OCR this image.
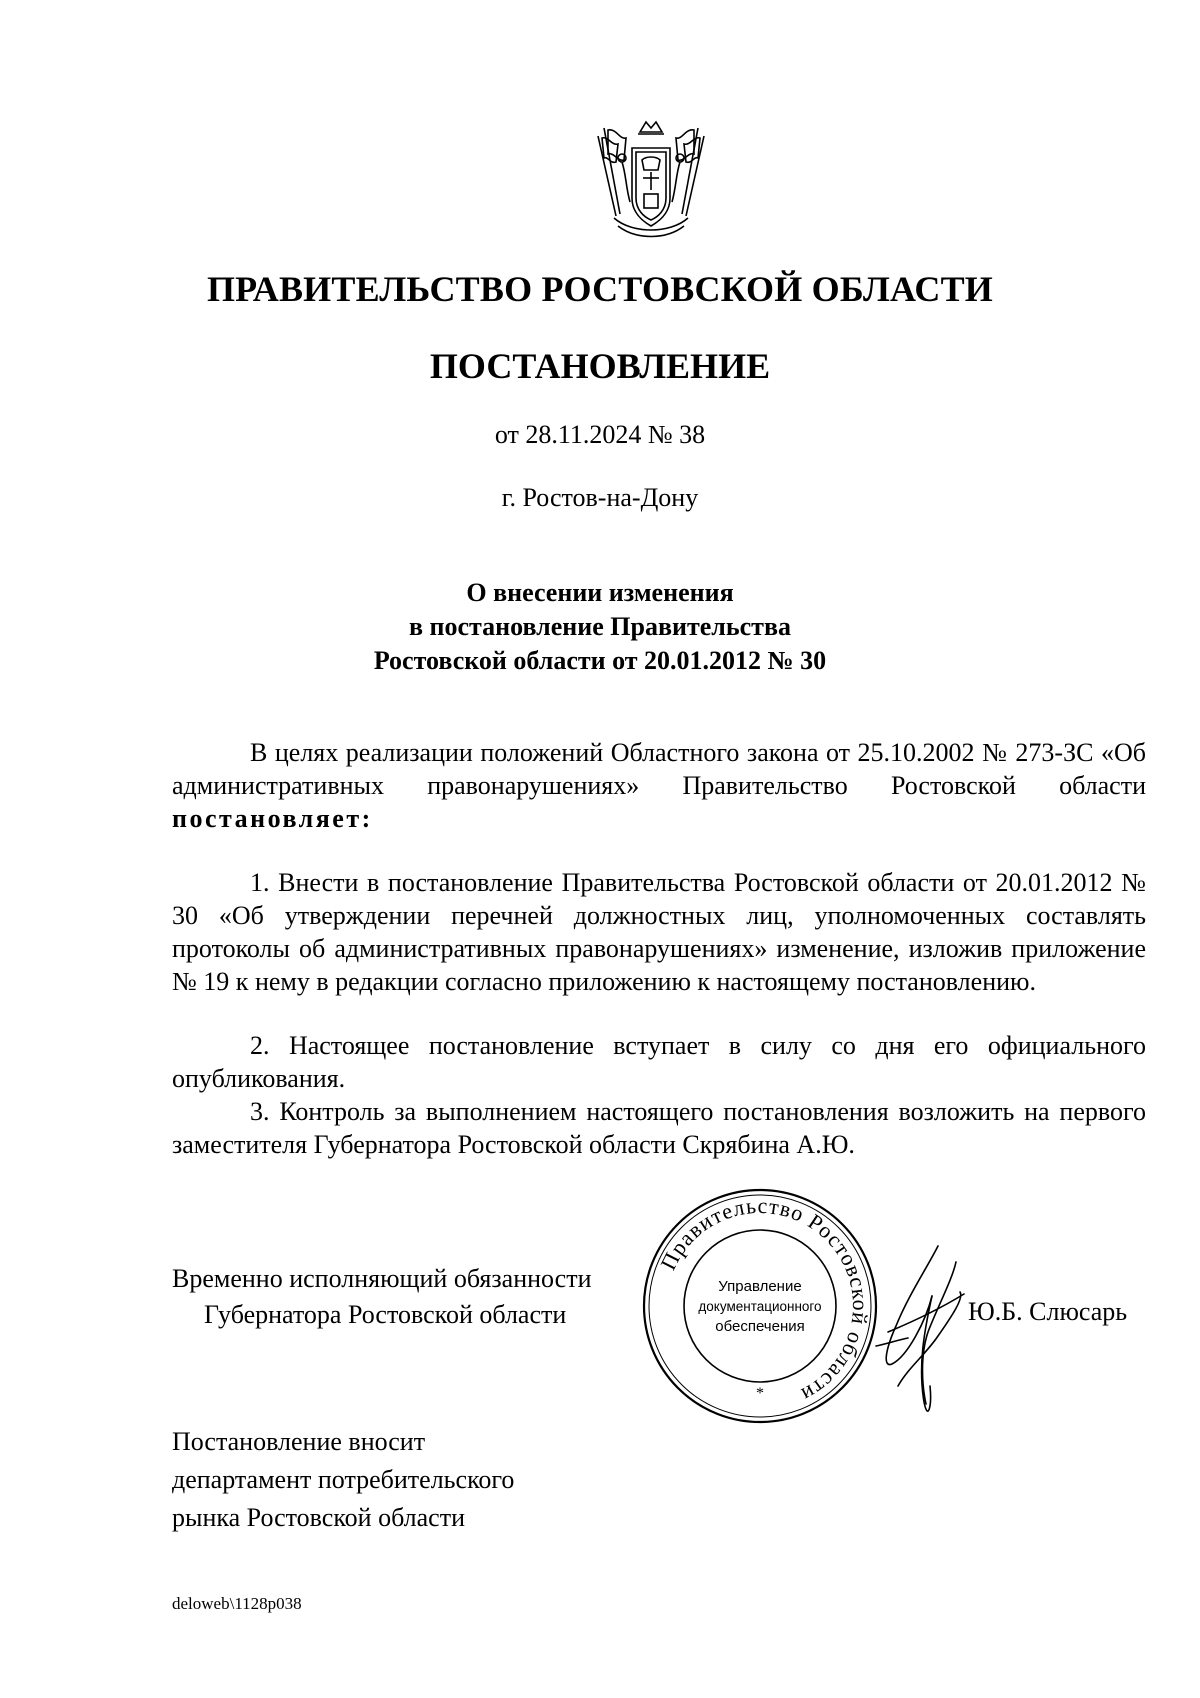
ПРАВИТЕЛЬСТВО РОСТОВСКОЙ ОБЛАСТИ
ПОСТАНОВЛЕНИЕ
от 28.11.2024 № 38
г. Ростов-на-Дону
О внесении изменения
в постановление Правительства
Ростовской области от 20.01.2012 № 30
В целях реализации положений Областного закона от 25.10.2002 № 273-ЗС «Об административных правонарушениях» Правительство Ростовской области постановляет:
1. Внести в постановление Правительства Ростовской области от 20.01.2012 № 30 «Об утверждении перечней должностных лиц, уполномоченных составлять протоколы об административных правонарушениях» изменение, изложив приложение № 19 к нему в редакции согласно приложению к настоящему постановлению.
2. Настоящее постановление вступает в силу со дня его официального опубликования.
3. Контроль за выполнением настоящего постановления возложить на первого заместителя Губернатора Ростовской области Скрябина А.Ю.
Временно исполняющий обязанности
Губернатора Ростовской области
Правительство Ростовской области
Управление
документационного
обеспечения
*
Ю.Б. Слюсарь
Постановление вносит
департамент потребительского
рынка Ростовской области
deloweb\1128p038
